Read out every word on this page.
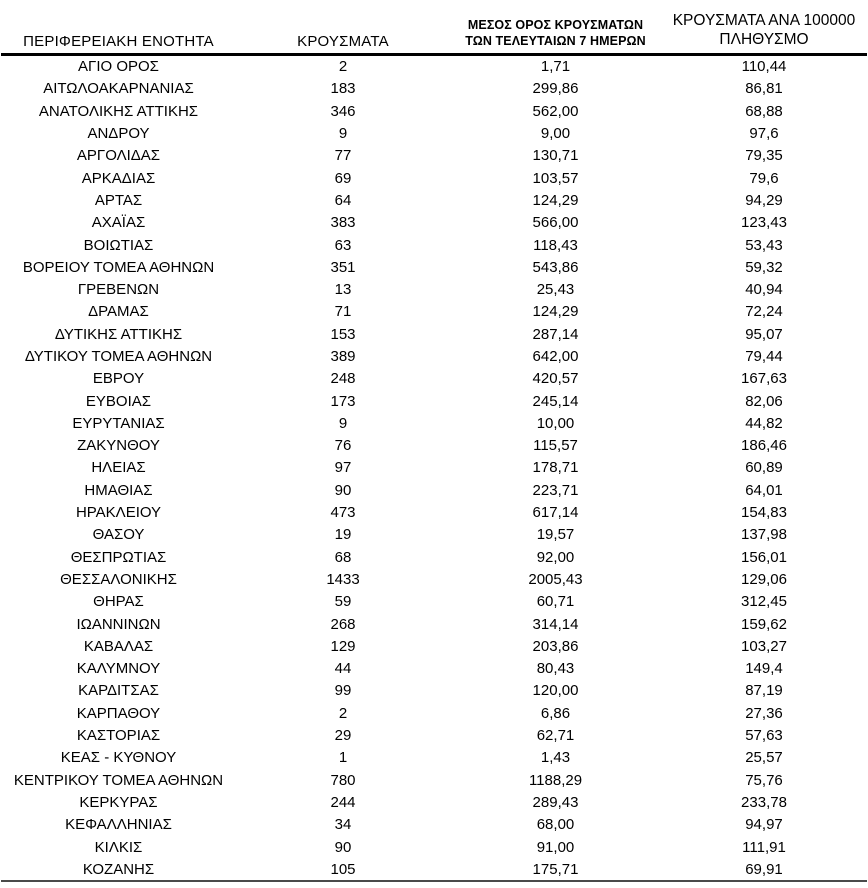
ΠΕΡΙΦΕΡΕΙΑΚΗ ΕΝΟΤΗΤΑ	ΚΡΟΥΣΜΑΤΑ	ΜΕΣΟΣ ΟΡΟΣ ΚΡΟΥΣΜΑΤΩΝ
ΤΩΝ ΤΕΛΕΥΤΑΙΩΝ 7 ΗΜΕΡΩΝ	ΚΡΟΥΣΜΑΤΑ ΑΝΑ 100000
ΠΛΗΘΥΣΜΟ

ΑΓΙΟ ΟΡΟΣ	2	1,71	110,44
ΑΙΤΩΛΟΑΚΑΡΝΑΝΙΑΣ	183	299,86	86,81
ΑΝΑΤΟΛΙΚΗΣ ΑΤΤΙΚΗΣ	346	562,00	68,88
ΑΝΔΡΟΥ	9	9,00	97,6
ΑΡΓΟΛΙΔΑΣ	77	130,71	79,35
ΑΡΚΑΔΙΑΣ	69	103,57	79,6
ΑΡΤΑΣ	64	124,29	94,29
ΑΧΑΪΑΣ	383	566,00	123,43
ΒΟΙΩΤΙΑΣ	63	118,43	53,43
ΒΟΡΕΙΟΥ ΤΟΜΕΑ ΑΘΗΝΩΝ	351	543,86	59,32
ΓΡΕΒΕΝΩΝ	13	25,43	40,94
ΔΡΑΜΑΣ	71	124,29	72,24
ΔΥΤΙΚΗΣ ΑΤΤΙΚΗΣ	153	287,14	95,07
ΔΥΤΙΚΟΥ ΤΟΜΕΑ ΑΘΗΝΩΝ	389	642,00	79,44
ΕΒΡΟΥ	248	420,57	167,63
ΕΥΒΟΙΑΣ	173	245,14	82,06
ΕΥΡΥΤΑΝΙΑΣ	9	10,00	44,82
ΖΑΚΥΝΘΟΥ	76	115,57	186,46
ΗΛΕΙΑΣ	97	178,71	60,89
ΗΜΑΘΙΑΣ	90	223,71	64,01
ΗΡΑΚΛΕΙΟΥ	473	617,14	154,83
ΘΑΣΟΥ	19	19,57	137,98
ΘΕΣΠΡΩΤΙΑΣ	68	92,00	156,01
ΘΕΣΣΑΛΟΝΙΚΗΣ	1433	2005,43	129,06
ΘΗΡΑΣ	59	60,71	312,45
ΙΩΑΝΝΙΝΩΝ	268	314,14	159,62
ΚΑΒΑΛΑΣ	129	203,86	103,27
ΚΑΛΥΜΝΟΥ	44	80,43	149,4
ΚΑΡΔΙΤΣΑΣ	99	120,00	87,19
ΚΑΡΠΑΘΟΥ	2	6,86	27,36
ΚΑΣΤΟΡΙΑΣ	29	62,71	57,63
ΚΕΑΣ - ΚΥΘΝΟΥ	1	1,43	25,57
ΚΕΝΤΡΙΚΟΥ ΤΟΜΕΑ ΑΘΗΝΩΝ	780	1188,29	75,76
ΚΕΡΚΥΡΑΣ	244	289,43	233,78
ΚΕΦΑΛΛΗΝΙΑΣ	34	68,00	94,97
ΚΙΛΚΙΣ	90	91,00	111,91
ΚΟΖΑΝΗΣ	105	175,71	69,91
